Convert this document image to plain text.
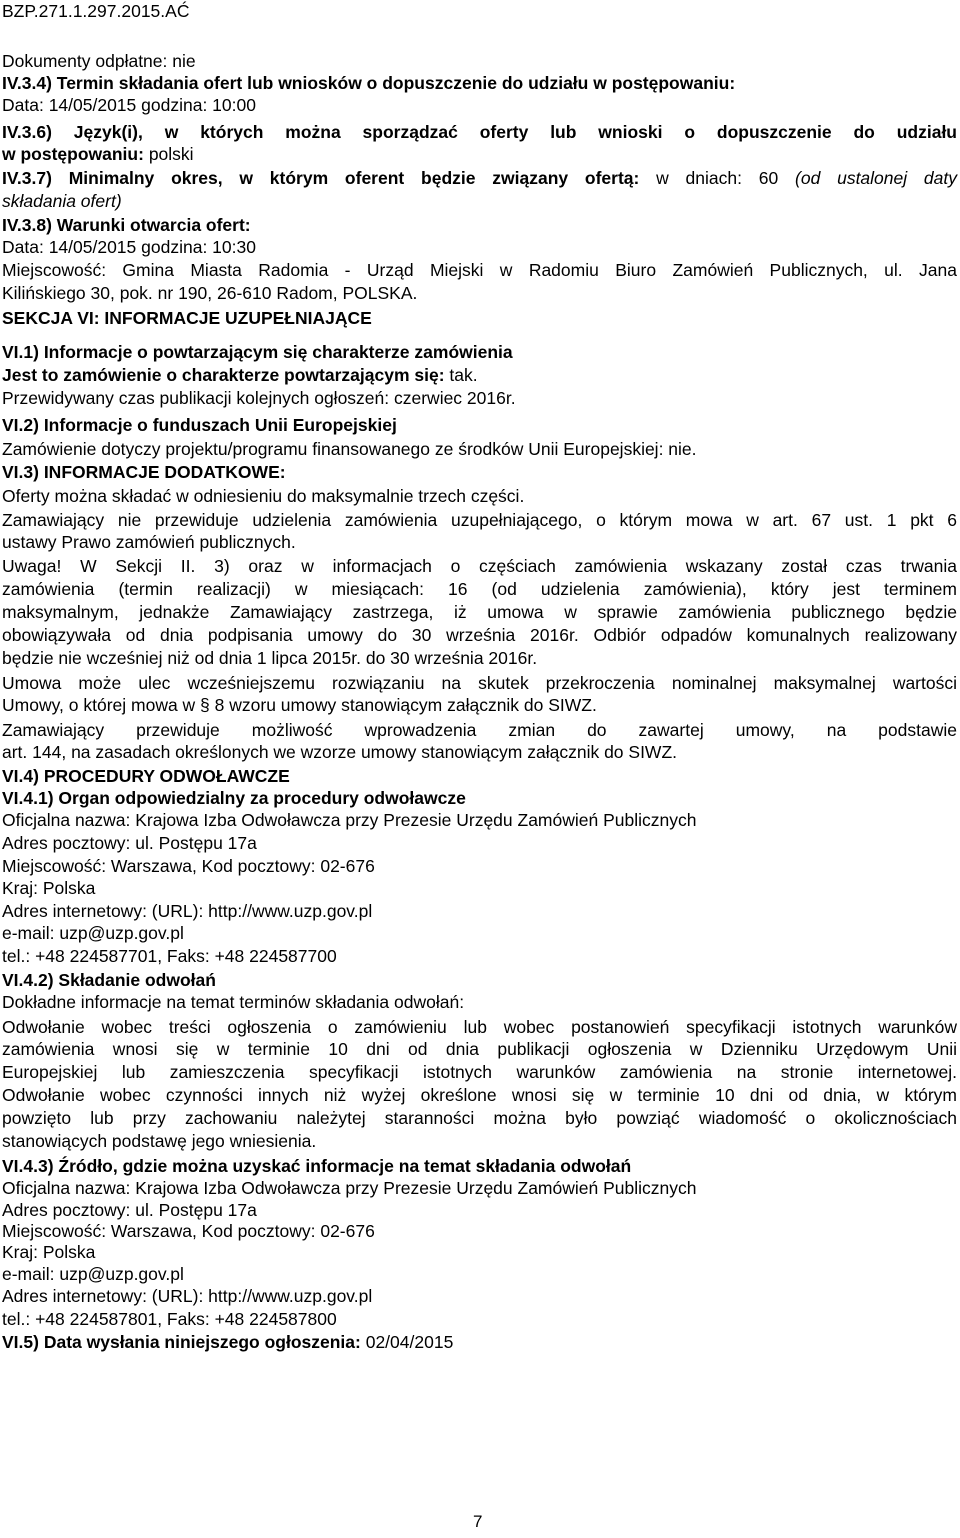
BZP.271.1.297.2015.AĆ
Dokumenty odpłatne: nie
IV.3.4) Termin składania ofert lub wniosków o dopuszczenie do udziału w postępowaniu:
Data: 14/05/2015 godzina: 10:00
IV.3.6) Język(i), w których można sporządzać oferty lub wnioski o dopuszczenie do udziału
w postępowaniu: polski
IV.3.7) Minimalny okres, w którym oferent będzie związany ofertą: w dniach: 60 (od ustalonej daty
składania ofert)
IV.3.8) Warunki otwarcia ofert:
Data: 14/05/2015 godzina: 10:30
Miejscowość: Gmina Miasta Radomia - Urząd Miejski w Radomiu Biuro Zamówień Publicznych, ul. Jana
Kilińskiego 30, pok. nr 190, 26-610 Radom, POLSKA.
SEKCJA VI: INFORMACJE UZUPEŁNIAJĄCE
VI.1) Informacje o powtarzającym się charakterze zamówienia
Jest to zamówienie o charakterze powtarzającym się: tak.
Przewidywany czas publikacji kolejnych ogłoszeń: czerwiec 2016r.
VI.2) Informacje o funduszach Unii Europejskiej
Zamówienie dotyczy projektu/programu finansowanego ze środków Unii Europejskiej: nie.
VI.3) INFORMACJE DODATKOWE:
Oferty można składać w odniesieniu do maksymalnie trzech części.
Zamawiający nie przewiduje udzielenia zamówienia uzupełniającego, o którym mowa w art. 67 ust. 1 pkt 6
ustawy Prawo zamówień publicznych.
Uwaga! W Sekcji II. 3) oraz w informacjach o częściach zamówienia wskazany został czas trwania
zamówienia (termin realizacji) w miesiącach: 16 (od udzielenia zamówienia), który jest terminem
maksymalnym, jednakże Zamawiający zastrzega, iż umowa w sprawie zamówienia publicznego będzie
obowiązywała od dnia podpisania umowy do 30 września 2016r. Odbiór odpadów komunalnych realizowany
będzie nie wcześniej niż od dnia 1 lipca 2015r. do 30 września 2016r.
Umowa może ulec wcześniejszemu rozwiązaniu na skutek przekroczenia nominalnej maksymalnej wartości
Umowy, o której mowa w § 8 wzoru umowy stanowiącym załącznik do SIWZ.
Zamawiający przewiduje możliwość wprowadzenia zmian do zawartej umowy, na podstawie
art. 144, na zasadach określonych we wzorze umowy stanowiącym załącznik do SIWZ.
VI.4) PROCEDURY ODWOŁAWCZE
VI.4.1) Organ odpowiedzialny za procedury odwoławcze
Oficjalna nazwa: Krajowa Izba Odwoławcza przy Prezesie Urzędu Zamówień Publicznych
Adres pocztowy: ul. Postępu 17a
Miejscowość: Warszawa, Kod pocztowy: 02-676
Kraj: Polska
Adres internetowy: (URL): http://www.uzp.gov.pl
e-mail: uzp@uzp.gov.pl
tel.: +48 224587701, Faks: +48 224587700
VI.4.2) Składanie odwołań
Dokładne informacje na temat terminów składania odwołań:
Odwołanie wobec treści ogłoszenia o zamówieniu lub wobec postanowień specyfikacji istotnych warunków
zamówienia wnosi się w terminie 10 dni od dnia publikacji ogłoszenia w Dzienniku Urzędowym Unii
Europejskiej lub zamieszczenia specyfikacji istotnych warunków zamówienia na stronie internetowej.
Odwołanie wobec czynności innych niż wyżej określone wnosi się w terminie 10 dni od dnia, w którym
powzięto lub przy zachowaniu należytej staranności można było powziąć wiadomość o okolicznościach
stanowiących podstawę jego wniesienia.
VI.4.3) Źródło, gdzie można uzyskać informacje na temat składania odwołań
Oficjalna nazwa: Krajowa Izba Odwoławcza przy Prezesie Urzędu Zamówień Publicznych
Adres pocztowy: ul. Postępu 17a
Miejscowość: Warszawa, Kod pocztowy: 02-676
Kraj: Polska
e-mail: uzp@uzp.gov.pl
Adres internetowy: (URL): http://www.uzp.gov.pl
tel.: +48 224587801, Faks: +48 224587800
VI.5) Data wysłania niniejszego ogłoszenia: 02/04/2015
7
